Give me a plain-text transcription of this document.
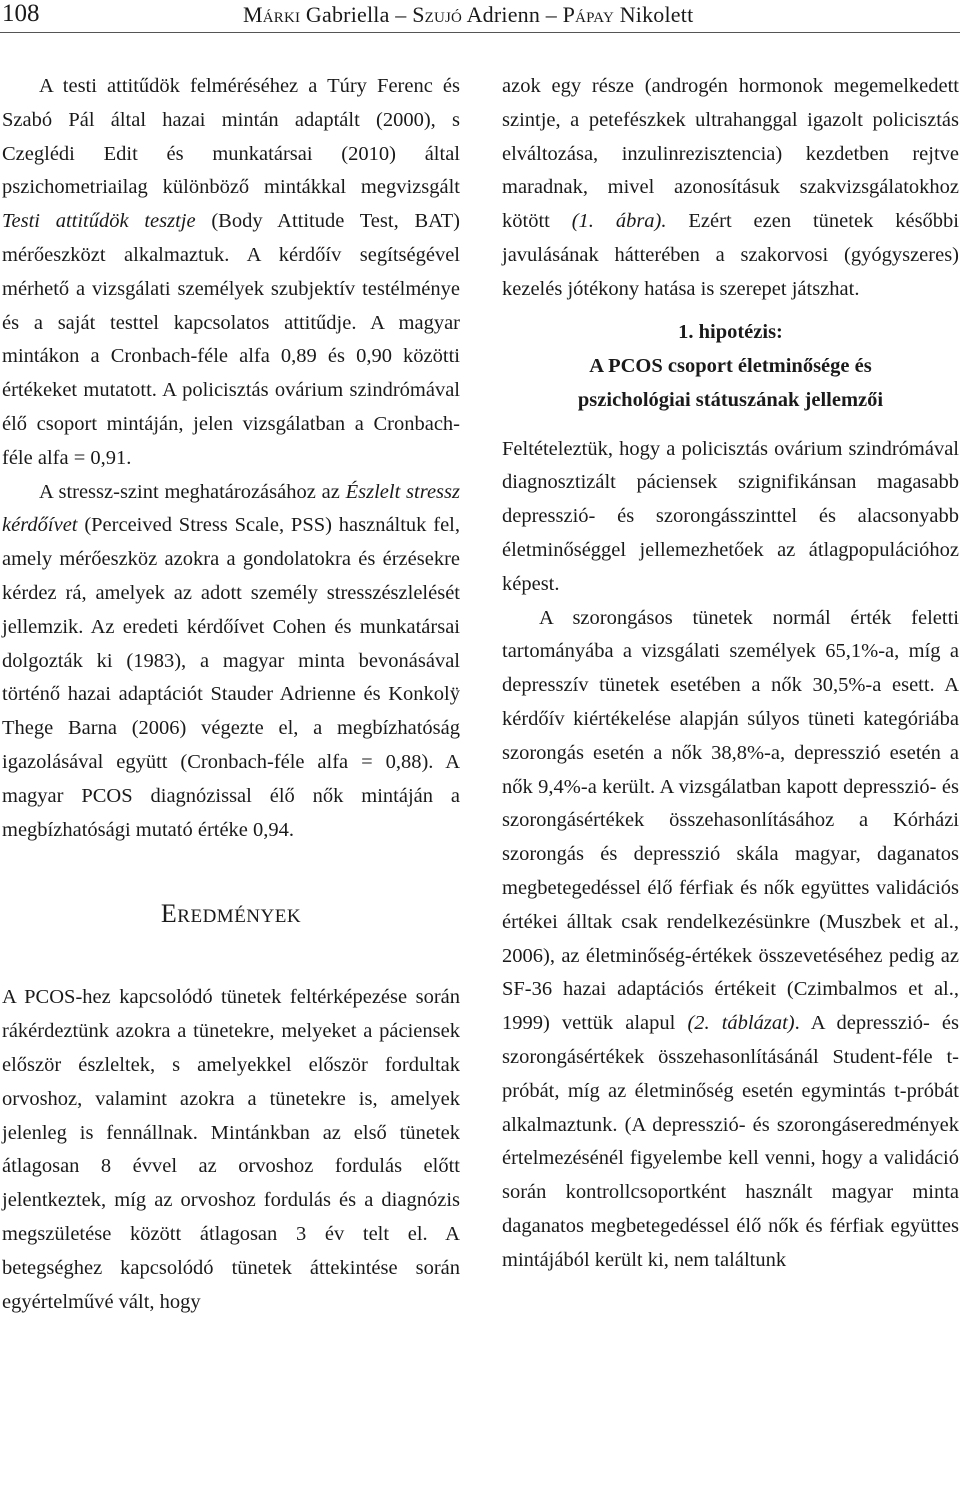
108	MÁRKI Gabriella – SZUJÓ Adrienn – PÁPAY Nikolett

A testi attitűdök felméréséhez a Túry Ferenc és Szabó Pál által hazai mintán adaptált (2000), s Czeglédi Edit és munkatársai (2010) által pszichometriailag különböző mintákkal megvizsgált Testi attitűdök tesztje (Body Attitude Test, BAT) mérőeszközt alkalmaztuk. A kérdőív segítségével mérhető a vizsgálati személyek szubjektív testélménye és a saját testtel kapcsolatos attitűdje. A magyar mintákon a Cronbach-féle alfa 0,89 és 0,90 közötti értékeket mutatott. A policisztás ovárium szindrómával élő csoport mintáján, jelen vizsgálatban a Cronbach-féle alfa = 0,91.

A stressz-szint meghatározásához az Észlelt stressz kérdőívet (Perceived Stress Scale, PSS) használtuk fel, amely mérőeszköz azokra a gondolatokra és érzésekre kérdez rá, amelyek az adott személy stresszészlelését jellemzik. Az eredeti kérdőívet Cohen és munkatársai dolgozták ki (1983), a magyar minta bevonásával történő hazai adaptációt Stauder Adrienne és Konkolÿ Thege Barna (2006) végezte el, a megbízhatóság igazolásával együtt (Cronbach-féle alfa = 0,88). A magyar PCOS diagnózissal élő nők mintáján a megbízhatósági mutató értéke 0,94.

EREDMÉNYEK

A PCOS-hez kapcsolódó tünetek feltérképezése során rákérdeztünk azokra a tünetekre, melyeket a páciensek először észleltek, s amelyekkel először fordultak orvoshoz, valamint azokra a tünetekre is, amelyek jelenleg is fennállnak. Mintánkban az első tünetek átlagosan 8 évvel az orvoshoz fordulás előtt jelentkeztek, míg az orvoshoz fordulás és a diagnózis megszületése között átlagosan 3 év telt el. A betegséghez kapcsolódó tünetek áttekintése során egyértelművé vált, hogy

azok egy része (androgén hormonok megemelkedett szintje, a petefészkek ultrahanggal igazolt policisztás elváltozása, inzulinrezisztencia) kezdetben rejtve maradnak, mivel azonosításuk szakvizsgálatokhoz kötött (1. ábra). Ezért ezen tünetek későbbi javulásának hátterében a szakorvosi (gyógyszeres) kezelés jótékony hatása is szerepet játszhat.

1. hipotézis:
A PCOS csoport életminősége és
pszichológiai státuszának jellemzői

Feltételeztük, hogy a policisztás ovárium szindrómával diagnosztizált páciensek szignifikánsan magasabb depresszió- és szorongásszinttel és alacsonyabb életminőséggel jellemezhetőek az átlagpopulációhoz képest.

A szorongásos tünetek normál érték feletti tartományába a vizsgálati személyek 65,1%-a, míg a depresszív tünetek esetében a nők 30,5%-a esett. A kérdőív kiértékelése alapján súlyos tüneti kategóriába szorongás esetén a nők 38,8%-a, depresszió esetén a nők 9,4%-a került. A vizsgálatban kapott depresszió- és szorongásértékek összehasonlításához a Kórházi szorongás és depresszió skála magyar, daganatos megbetegedéssel élő férfiak és nők együttes validációs értékei álltak csak rendelkezésünkre (Muszbek et al., 2006), az életminőség-értékek összevetéséhez pedig az SF-36 hazai adaptációs értékeit (Czimbalmos et al., 1999) vettük alapul (2. táblázat). A depresszió- és szorongásértékek összehasonlításánál Student-féle t-próbát, míg az életminőség esetén egymintás t-próbát alkalmaztunk. (A depresszió- és szorongáseredmények értelmezésénél figyelembe kell venni, hogy a validáció során kontrollcsoportként használt magyar minta daganatos megbetegedéssel élő nők és férfiak együttes mintájából került ki, nem találtunk
